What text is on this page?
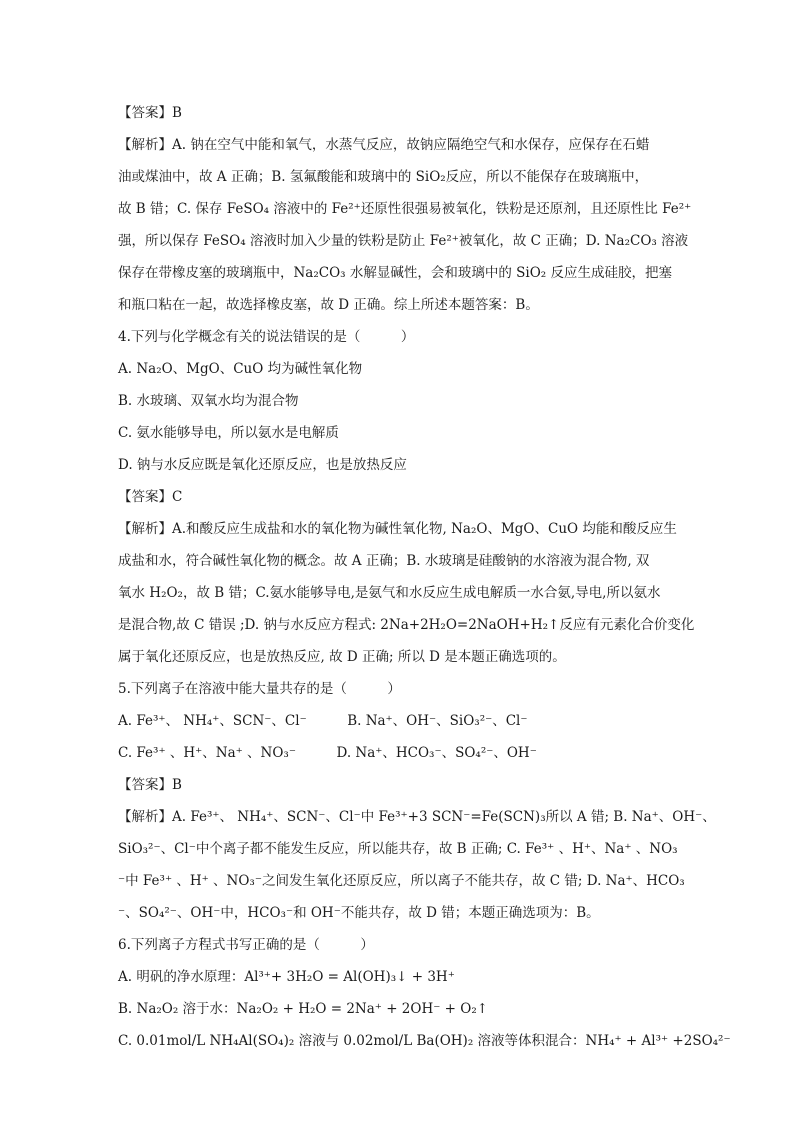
【答案】B
【解析】A. 钠在空气中能和氧气，水蒸气反应，故钠应隔绝空气和水保存，应保存在石蜡
油或煤油中，故 A 正确；B. 氢氟酸能和玻璃中的 SiO₂反应，所以不能保存在玻璃瓶中，
故 B 错；C. 保存 FeSO₄ 溶液中的 Fe²⁺还原性很强易被氧化，铁粉是还原剂，且还原性比 Fe²⁺
强，所以保存 FeSO₄ 溶液时加入少量的铁粉是防止 Fe²⁺被氧化，故 C 正确；D. Na₂CO₃ 溶液
保存在带橡皮塞的玻璃瓶中，Na₂CO₃ 水解显碱性，会和玻璃中的 SiO₂ 反应生成硅胶，把塞
和瓶口粘在一起，故选择橡皮塞，故 D 正确。综上所述本题答案：B。
4.下列与化学概念有关的说法错误的是（　　　）
A. Na₂O、MgO、CuO 均为碱性氧化物
B. 水玻璃、双氧水均为混合物
C. 氨水能够导电，所以氨水是电解质
D. 钠与水反应既是氧化还原反应，也是放热反应
【答案】C
【解析】A.和酸反应生成盐和水的氧化物为碱性氧化物, Na₂O、MgO、CuO 均能和酸反应生
成盐和水，符合碱性氧化物的概念。故 A 正确；B. 水玻璃是硅酸钠的水溶液为混合物, 双
氧水 H₂O₂，故 B 错；C.氨水能够导电,是氨气和水反应生成电解质一水合氨,导电,所以氨水
是混合物,故 C 错误 ;D. 钠与水反应方程式: 2Na+2H₂O=2NaOH+H₂↑反应有元素化合价变化
属于氧化还原反应，也是放热反应, 故 D 正确; 所以 D 是本题正确选项的。
5.下列离子在溶液中能大量共存的是（　　　）
A. Fe³⁺、 NH₄⁺、SCN⁻、Cl⁻　　　B. Na⁺、OH⁻、SiO₃²⁻、Cl⁻
C. Fe³⁺ 、H⁺、Na⁺ 、NO₃⁻　　　D. Na⁺、HCO₃⁻、SO₄²⁻、OH⁻
【答案】B
【解析】A. Fe³⁺、 NH₄⁺、SCN⁻、Cl⁻中 Fe³⁺+3 SCN⁻=Fe(SCN)₃所以 A 错; B. Na⁺、OH⁻、
SiO₃²⁻、Cl⁻中个离子都不能发生反应，所以能共存，故 B 正确; C. Fe³⁺ 、H⁺、Na⁺ 、NO₃
⁻中 Fe³⁺ 、H⁺ 、NO₃⁻之间发生氧化还原反应，所以离子不能共存，故 C 错; D. Na⁺、HCO₃
⁻、SO₄²⁻、OH⁻中，HCO₃⁻和 OH⁻不能共存，故 D 错；本题正确选项为：B。
6.下列离子方程式书写正确的是（　　　）
A. 明矾的净水原理：Al³⁺+ 3H₂O = Al(OH)₃↓ + 3H⁺
B. Na₂O₂ 溶于水：Na₂O₂ + H₂O = 2Na⁺ + 2OH⁻ + O₂↑
C. 0.01mol/L NH₄Al(SO₄)₂ 溶液与 0.02mol/L Ba(OH)₂ 溶液等体积混合：NH₄⁺ + Al³⁺ +2SO₄²⁻
